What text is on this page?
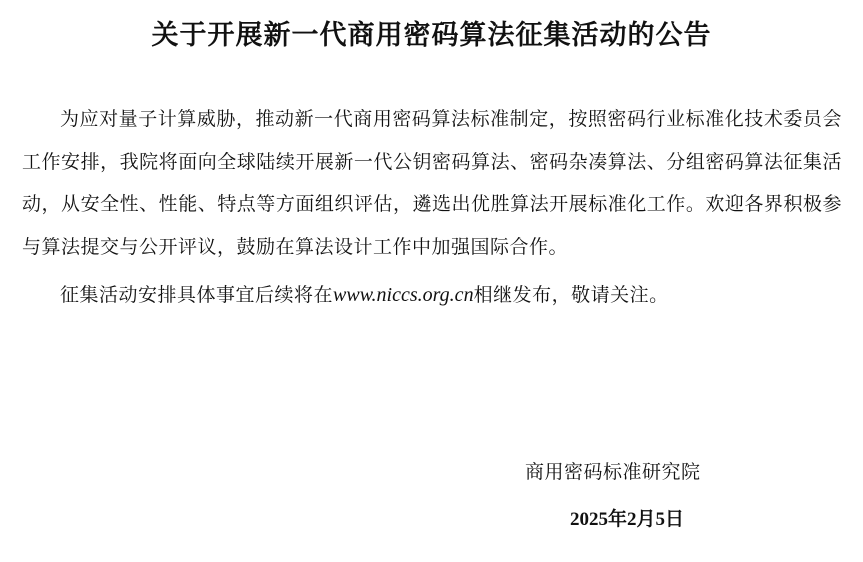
关于开展新一代商用密码算法征集活动的公告

为应对量子计算威胁，推动新一代商用密码算法标准制定，按照密码行业标准化技术委员会工作安排，我院将面向全球陆续开展新一代公钥密码算法、密码杂凑算法、分组密码算法征集活动，从安全性、性能、特点等方面组织评估，遴选出优胜算法开展标准化工作。欢迎各界积极参与算法提交与公开评议，鼓励在算法设计工作中加强国际合作。

征集活动安排具体事宜后续将在www.niccs.org.cn相继发布，敬请关注。

商用密码标准研究院
2025年2月5日
